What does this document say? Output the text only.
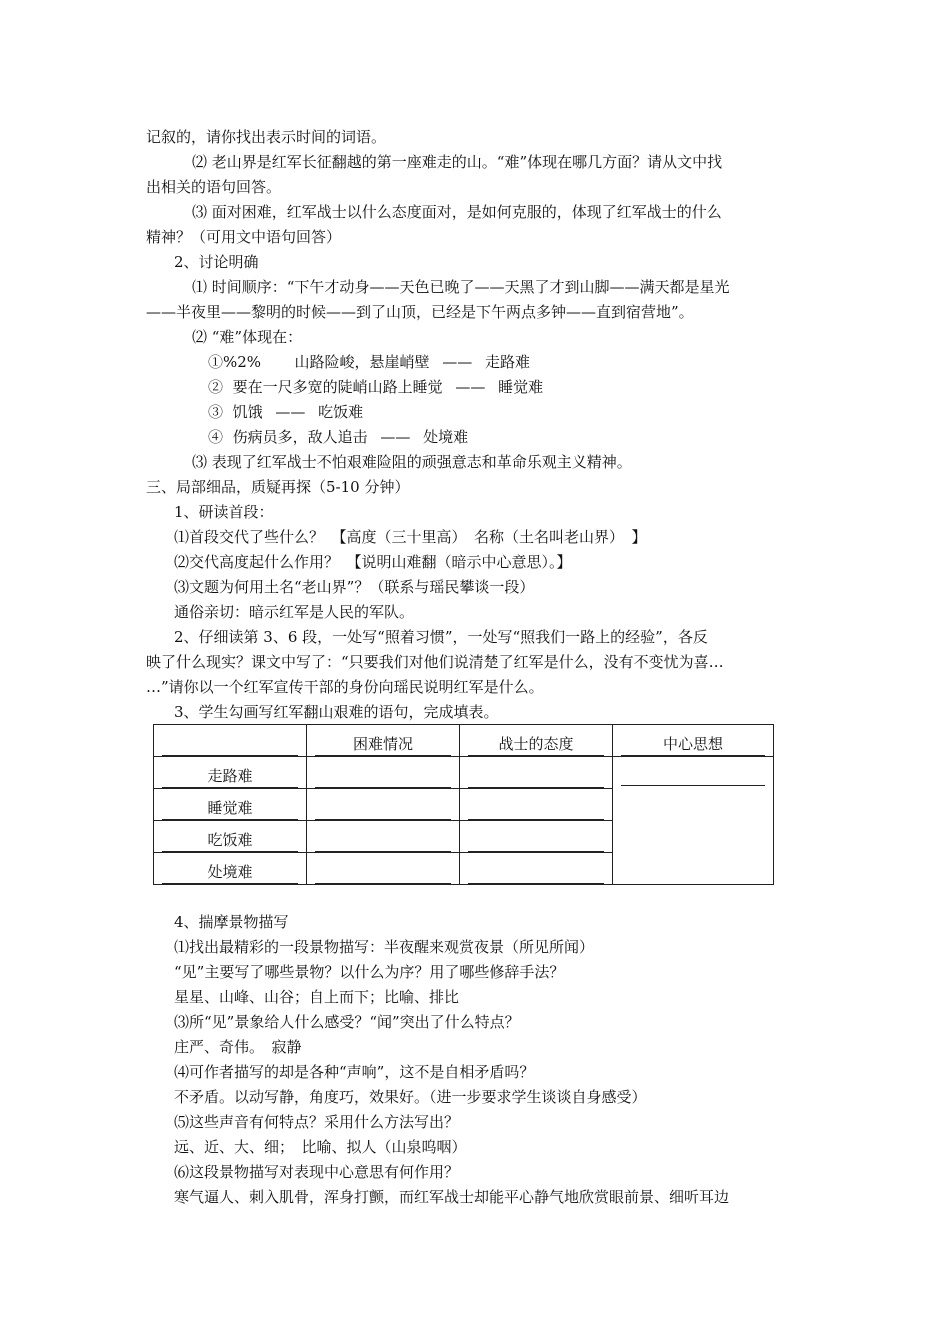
记叙的，请你找出表示时间的词语。
⑵ 老山界是红军长征翻越的第一座难走的山。“难”体现在哪几方面？请从文中找
出相关的语句回答。
⑶ 面对困难，红军战士以什么态度面对，是如何克服的，体现了红军战士的什么
精神？（可用文中语句回答）
2、讨论明确
⑴ 时间顺序：“下午才动身——天色已晚了——天黑了才到山脚——满天都是星光
——半夜里——黎明的时候——到了山顶，已经是下午两点多钟——直到宿营地”。
⑵ “难”体现在：
①%2% 山路险峻，悬崖峭壁 —— 走路难
② 要在一尺多宽的陡峭山路上睡觉 —— 睡觉难
③ 饥饿 —— 吃饭难
④ 伤病员多，敌人追击 —— 处境难
⑶ 表现了红军战士不怕艰难险阻的顽强意志和革命乐观主义精神。
三、局部细品，质疑再探（5-10 分钟）
1、研读首段：
⑴首段交代了些什么？　【高度（三十里高）　名称（土名叫老山界）　】
⑵交代高度起什么作用？　【说明山难翻（暗示中心意思）。】
⑶文题为何用土名“老山界”？（联系与瑶民攀谈一段）
通俗亲切：暗示红军是人民的军队。
2、仔细读第 3、6 段，一处写“照着习惯”，一处写“照我们一路上的经验”，各反
映了什么现实？课文中写了：“只要我们对他们说清楚了红军是什么，没有不变忧为喜…
…”请你以一个红军宣传干部的身份向瑶民说明红军是什么。
3、学生勾画写红军翻山艰难的语句，完成填表。

	困难情况	战士的态度	中心思想

走路难			

睡觉难			

吃饭难			

处境难			

4、揣摩景物描写
⑴找出最精彩的一段景物描写：半夜醒来观赏夜景（所见所闻）
“见”主要写了哪些景物？以什么为序？用了哪些修辞手法？
星星、山峰、山谷；自上而下；比喻、排比
⑶所“见”景象给人什么感受？“闻”突出了什么特点？
庄严、奇伟。　寂静
⑷可作者描写的却是各种“声响”，这不是自相矛盾吗？
不矛盾。以动写静，角度巧，效果好。（进一步要求学生谈谈自身感受）
⑸这些声音有何特点？采用什么方法写出？
远、近、大、细；　比喻、拟人（山泉呜咽）
⑹这段景物描写对表现中心意思有何作用？
寒气逼人、刺入肌骨，浑身打颤，而红军战士却能平心静气地欣赏眼前景、细听耳边
